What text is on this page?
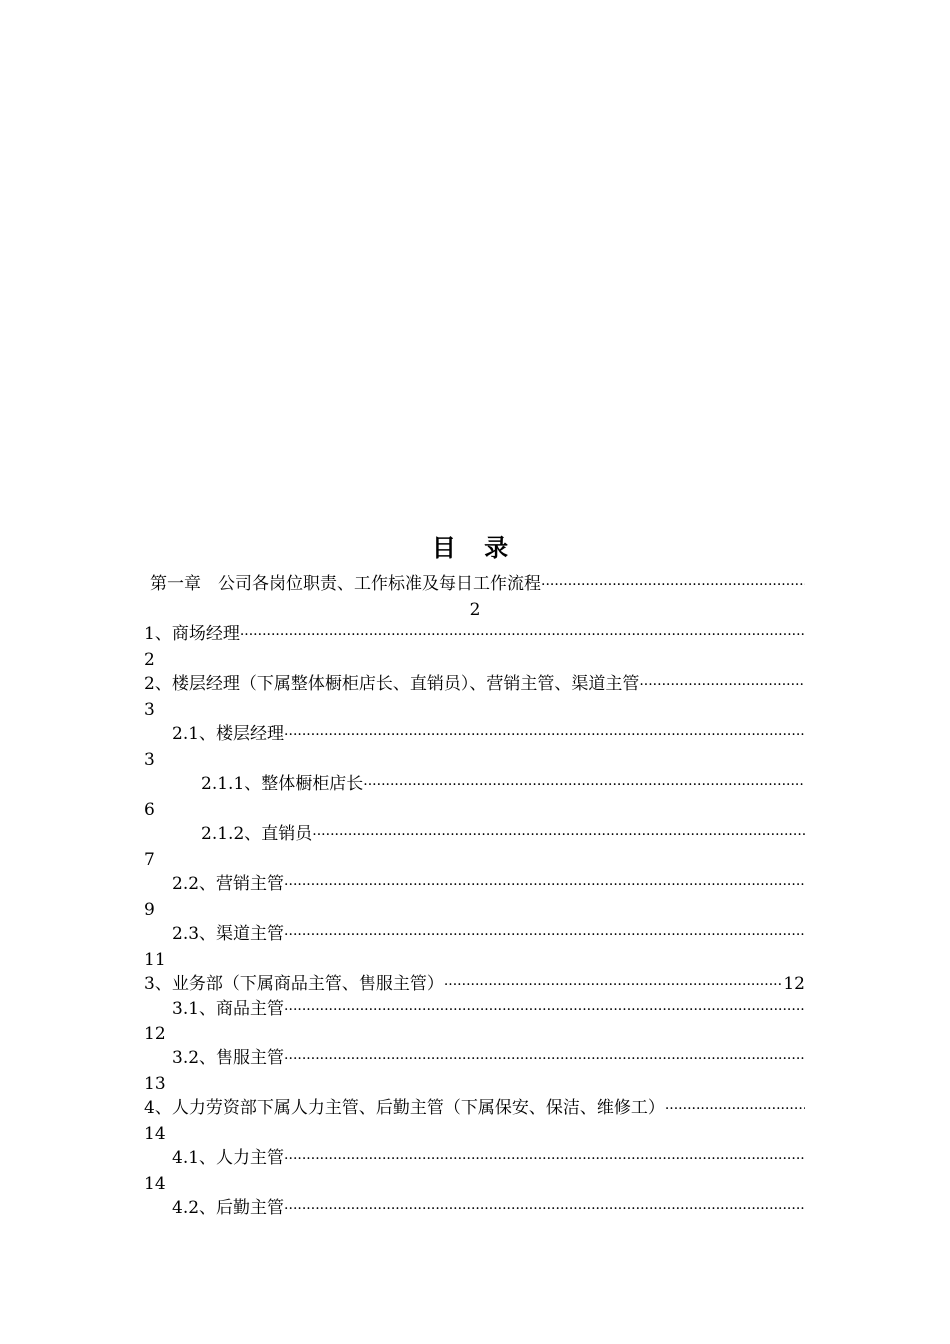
目 录
第一章　公司各岗位职责、工作标准及每日工作流程
·····
2
1、商场经理
·····
2
2、楼层经理（下属整体橱柜店长、直销员）、营销主管、渠道主管
·····
3
2.1、楼层经理
·····
3
2.1.1、整体橱柜店长
·····
6
2.1.2、直销员
·····
7
2.2、营销主管
·····
9
2.3、渠道主管
·····
11
3、业务部（下属商品主管、售服主管）
·····	12
3.1、商品主管
·····
12
3.2、售服主管
·····
13
4、人力劳资部下属人力主管、后勤主管（下属保安、保洁、维修工）
·····
14
4.1、人力主管
·····
14
4.2、后勤主管
·····
